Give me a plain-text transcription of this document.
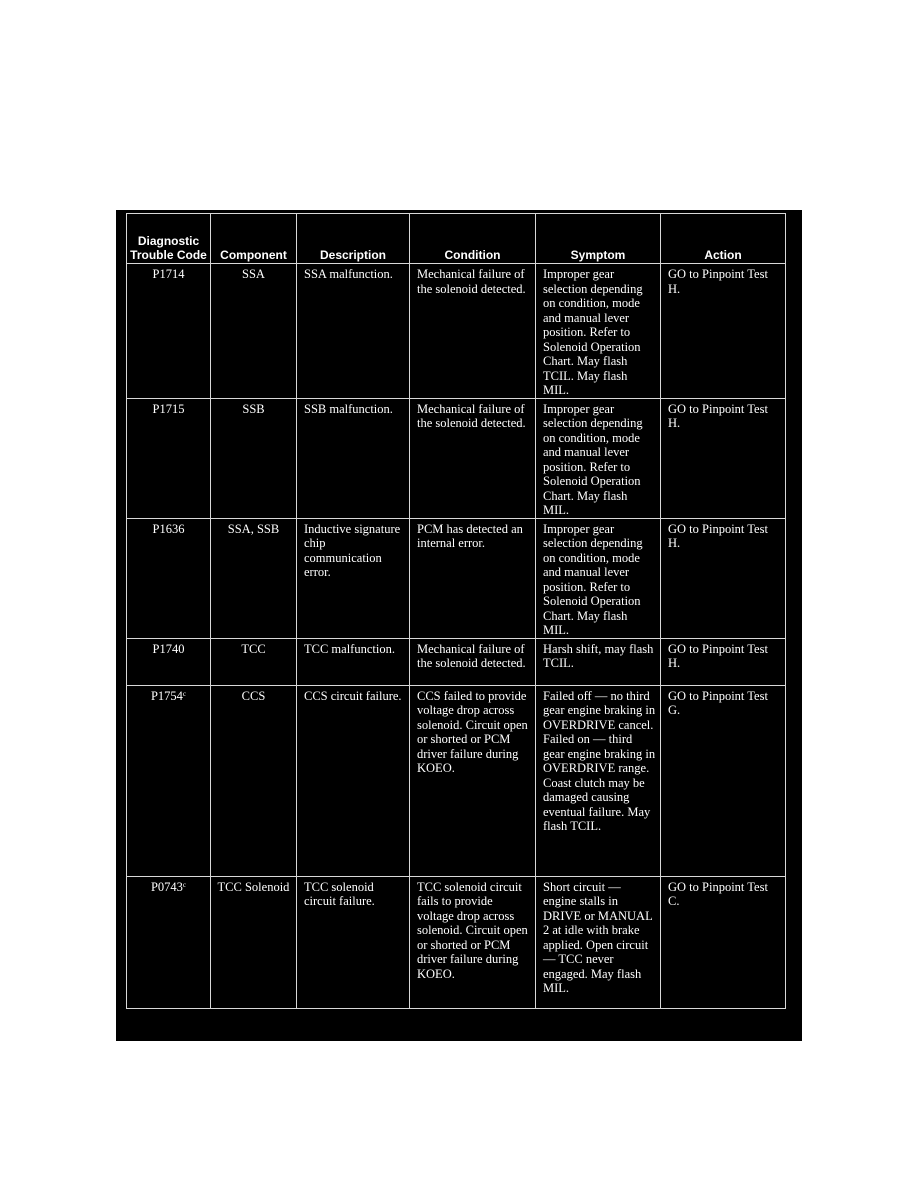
Diagnostic Trouble Code	Component	Description	Condition	Symptom	Action
P1714	SSA	SSA malfunction.	Mechanical failure of the solenoid detected.	Improper gear selection depending on condition, mode and manual lever position. Refer to Solenoid Operation Chart. May flash TCIL. May flash MIL.	GO to Pinpoint Test H.
P1715	SSB	SSB malfunction.	Mechanical failure of the solenoid detected.	Improper gear selection depending on condition, mode and manual lever position. Refer to Solenoid Operation Chart. May flash MIL.	GO to Pinpoint Test H.
P1636	SSA, SSB	Inductive signature chip communication error.	PCM has detected an internal error.	Improper gear selection depending on condition, mode and manual lever position. Refer to Solenoid Operation Chart. May flash MIL.	GO to Pinpoint Test H.
P1740	TCC	TCC malfunction.	Mechanical failure of the solenoid detected.	Harsh shift, may flash TCIL.	GO to Pinpoint Test H.
P1754$^c$	CCS	CCS circuit failure.	CCS failed to provide voltage drop across solenoid. Circuit open or shorted or PCM driver failure during KOEO.	Failed off — no third gear engine braking in OVERDRIVE cancel. Failed on — third gear engine braking in OVERDRIVE range. Coast clutch may be damaged causing eventual failure. May flash TCIL.	GO to Pinpoint Test G.
P0743$^c$	TCC Solenoid	TCC solenoid circuit failure.	TCC solenoid circuit fails to provide voltage drop across solenoid. Circuit open or shorted or PCM driver failure during KOEO.	Short circuit — engine stalls in DRIVE or MANUAL 2 at idle with brake applied. Open circuit — TCC never engaged. May flash MIL.	GO to Pinpoint Test C.
